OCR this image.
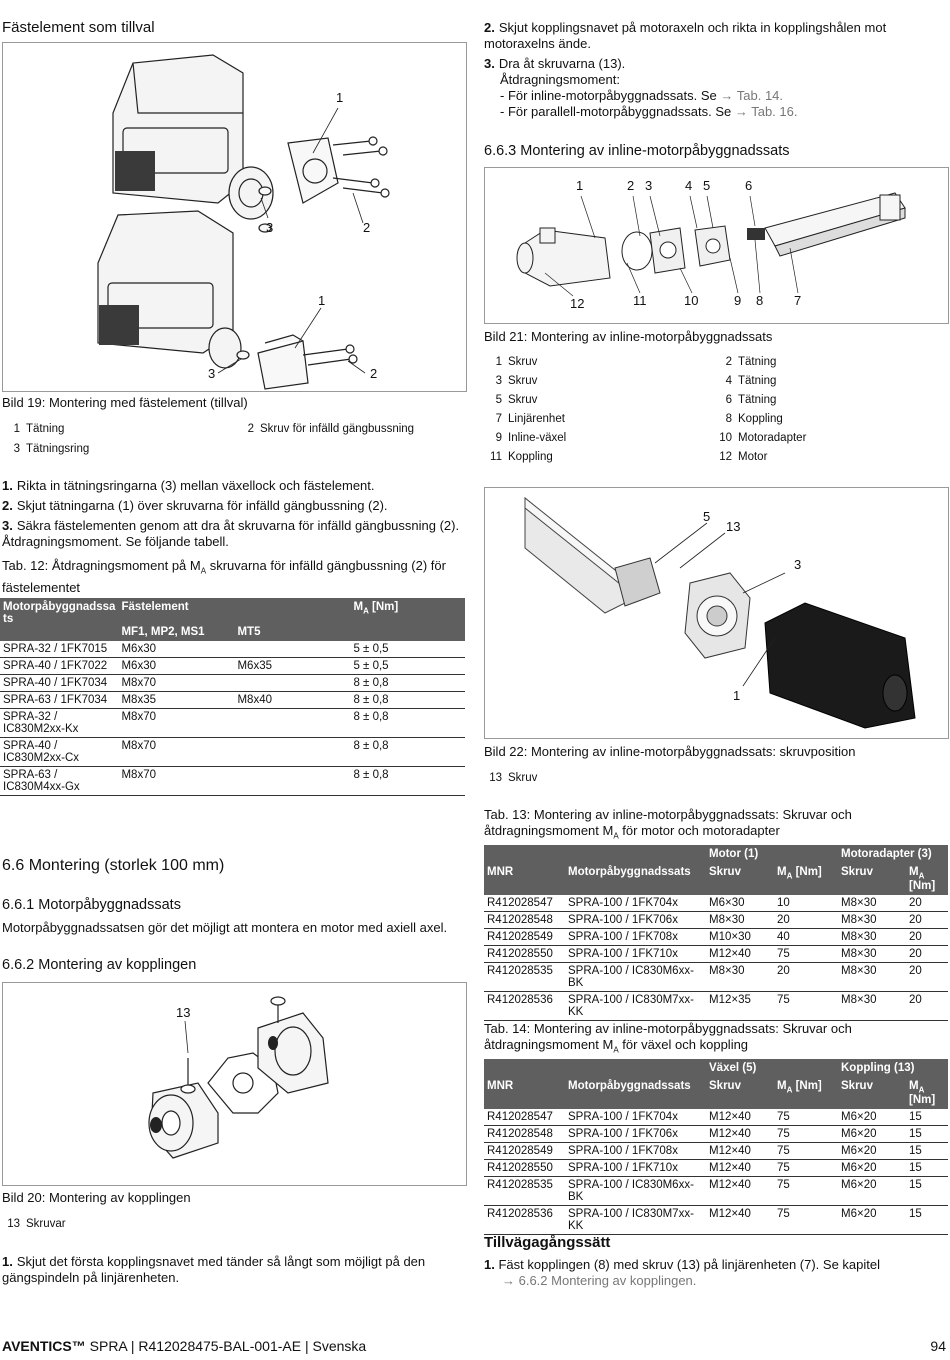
Fästelement som tillval
1
3	2
1
3	2
Bild 19: Montering med fästelement (tillval)
1 Tätning	2 Skruv för infälld gängbussning
3 Tätningsring
1. Rikta in tätningsringarna (3) mellan växellock och fästelement.
2. Skjut tätningarna (1) över skruvarna för infälld gängbussning (2).
3. Säkra fästelementen genom att dra åt skruvarna för infälld gängbussning (2). Åtdragningsmoment. Se följande tabell.
Tab. 12: Åtdragningsmoment på $M_A$ skruvarna för infälld gängbussning (2) för fästelementet
Motorpåbyggnadssa ts	Fästelement		$M_A$ [Nm]
	MF1, MP2, MS1	MT5	
SPRA-32 / 1FK7015	M6x30		5 ± 0,5
SPRA-40 / 1FK7022	M6x30	M6x35	5 ± 0,5
SPRA-40 / 1FK7034	M8x70		8 ± 0,8
SPRA-63 / 1FK7034	M8x35	M8x40	8 ± 0,8
SPRA-32 / IC830M2xx-Kx	M8x70		8 ± 0,8
SPRA-40 / IC830M2xx-Cx	M8x70		8 ± 0,8
SPRA-63 / IC830M4xx-Gx	M8x70		8 ± 0,8
6.6 Montering (storlek 100 mm)
6.6.1 Motorpåbyggnadssats
Motorpåbyggnadssatsen gör det möjligt att montera en motor med axiell axel.
6.6.2 Montering av kopplingen
13
Bild 20: Montering av kopplingen
13 Skruvar
1. Skjut det första kopplingsnavet med tänder så långt som möjligt på den gängspindeln på linjärenheten.
2. Skjut kopplingsnavet på motoraxeln och rikta in kopplingshålen mot motoraxelns ände.
3. Dra åt skruvarna (13).
Åtdragningsmoment:
- För inline-motorpåbyggnadssats. Se → Tab. 14.
- För parallell-motorpåbyggnadssats. Se → Tab. 16.
6.6.3 Montering av inline-motorpåbyggnadssats
1	2 3	4 5	6
12	11	10	9 8 7
Bild 21: Montering av inline-motorpåbyggnadssats
1 Skruv	2 Tätning
3 Skruv	4 Tätning
5 Skruv	6 Tätning
7 Linjärenhet	8 Koppling
9 Inline-växel	10 Motoradapter
11 Koppling	12 Motor
5
13
3
1
Bild 22: Montering av inline-motorpåbyggnadssats: skruvposition
13 Skruv
Tab. 13: Montering av inline-motorpåbyggnadssats: Skruvar och
åtdragningsmoment $M_A$ för motor och motoradapter
		Motor (1)		Motoradapter (3)	
MNR	Motorpåbyggnadssats	Skruv	$M_A$ [Nm]	Skruv	$M_A$ [Nm]
R412028547	SPRA-100 / 1FK704x	M6×30	10	M8×30	20
R412028548	SPRA-100 / 1FK706x	M8×30	20	M8×30	20
R412028549	SPRA-100 / 1FK708x	M10×30	40	M8×30	20
R412028550	SPRA-100 / 1FK710x	M12×40	75	M8×30	20
R412028535	SPRA-100 / IC830M6xx-BK	M8×30	20	M8×30	20
R412028536	SPRA-100 / IC830M7xx-KK	M12×35	75	M8×30	20
Tab. 14: Montering av inline-motorpåbyggnadssats: Skruvar och
åtdragningsmoment $M_A$ för växel och koppling
		Växel (5)		Koppling (13)	
MNR	Motorpåbyggnadssats	Skruv	$M_A$ [Nm]	Skruv	$M_A$ [Nm]
R412028547	SPRA-100 / 1FK704x	M12×40	75	M6×20	15
R412028548	SPRA-100 / 1FK706x	M12×40	75	M6×20	15
R412028549	SPRA-100 / 1FK708x	M12×40	75	M6×20	15
R412028550	SPRA-100 / 1FK710x	M12×40	75	M6×20	15
R412028535	SPRA-100 / IC830M6xx-BK	M12×40	75	M6×20	15
R412028536	SPRA-100 / IC830M7xx-KK	M12×40	75	M6×20	15
Tillvägagångssätt
1. Fäst kopplingen (8) med skruv (13) på linjärenheten (7). Se kapitel
→ 6.6.2 Montering av kopplingen.
AVENTICS™ SPRA | R412028475-BAL-001-AE | Svenska	94
